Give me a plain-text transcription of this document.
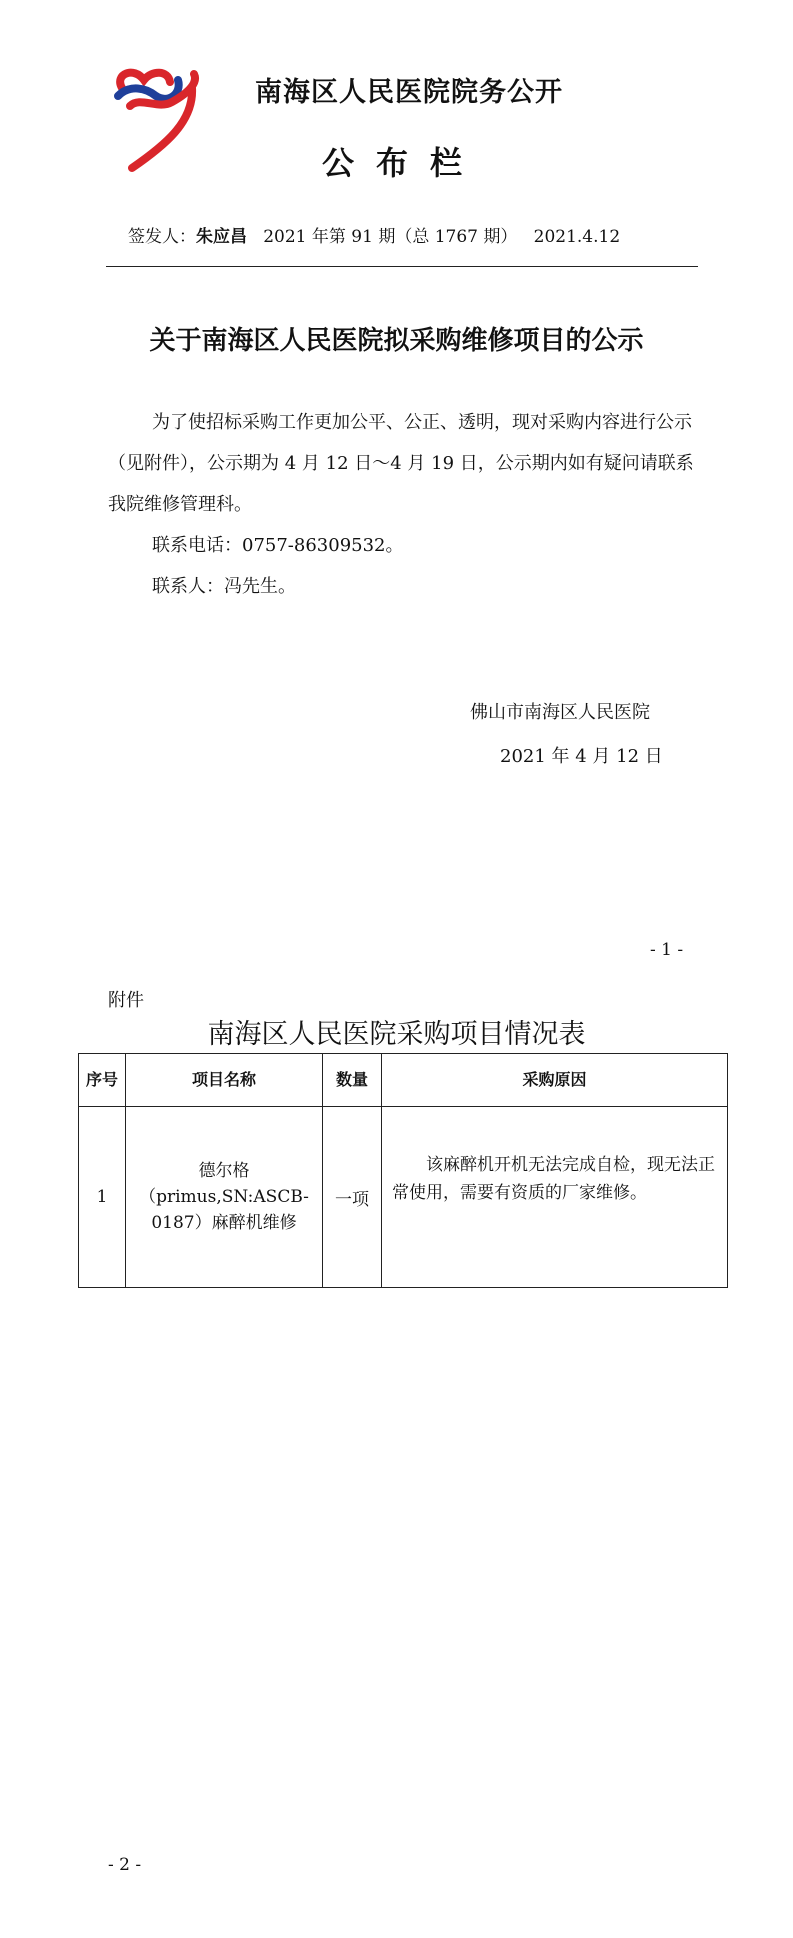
南海区人民医院院务公开
公布栏
签发人：朱应昌 2021 年第 91 期（总 1767 期） 2021.4.12
关于南海区人民医院拟采购维修项目的公示

为了使招标采购工作更加公平、公正、透明，现对采购内容进行公示（见附件），公示期为 4 月 12 日～4 月 19 日，公示期内如有疑问请联系我院维修管理科。

联系电话：0757-86309532。

联系人：冯先生。

佛山市南海区人民医院
2021 年 4 月 12 日
- 1 -
附件
南海区人民医院采购项目情况表
序号	项目名称	数量	采购原因
1	德尔格（primus,SN:ASCB-0187）麻醉机维修	一项	该麻醉机开机无法完成自检，现无法正常使用，需要有资质的厂家维修。
- 2 -
